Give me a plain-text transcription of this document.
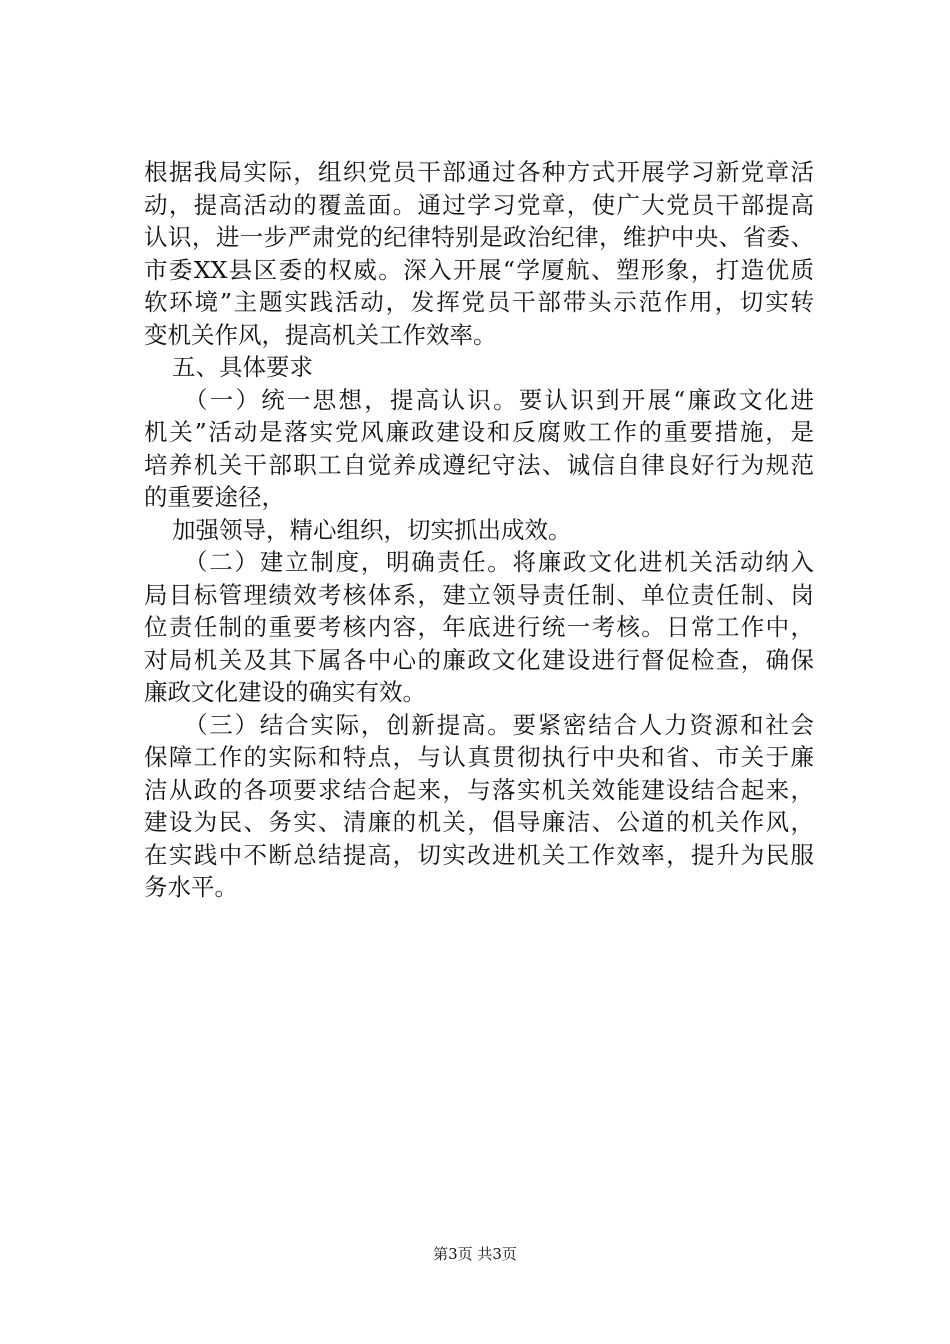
根据我局实际，组织党员干部通过各种方式开展学习新党章活
动，提高活动的覆盖面。通过学习党章，使广大党员干部提高
认识，进一步严肃党的纪律特别是政治纪律，维护中央、省委、
市委XX县区委的权威。深入开展“学厦航、塑形象，打造优质
软环境”主题实践活动，发挥党员干部带头示范作用，切实转
变机关作风，提高机关工作效率。
五、具体要求
（一）统一思想，提高认识。要认识到开展“廉政文化进
机关”活动是落实党风廉政建设和反腐败工作的重要措施，是
培养机关干部职工自觉养成遵纪守法、诚信自律良好行为规范
的重要途径，
加强领导，精心组织，切实抓出成效。
（二）建立制度，明确责任。将廉政文化进机关活动纳入
局目标管理绩效考核体系，建立领导责任制、单位责任制、岗
位责任制的重要考核内容，年底进行统一考核。日常工作中，
对局机关及其下属各中心的廉政文化建设进行督促检查，确保
廉政文化建设的确实有效。
（三）结合实际，创新提高。要紧密结合人力资源和社会
保障工作的实际和特点，与认真贯彻执行中央和省、市关于廉
洁从政的各项要求结合起来，与落实机关效能建设结合起来，
建设为民、务实、清廉的机关，倡导廉洁、公道的机关作风，
在实践中不断总结提高，切实改进机关工作效率，提升为民服
务水平。
第3页 共3页
